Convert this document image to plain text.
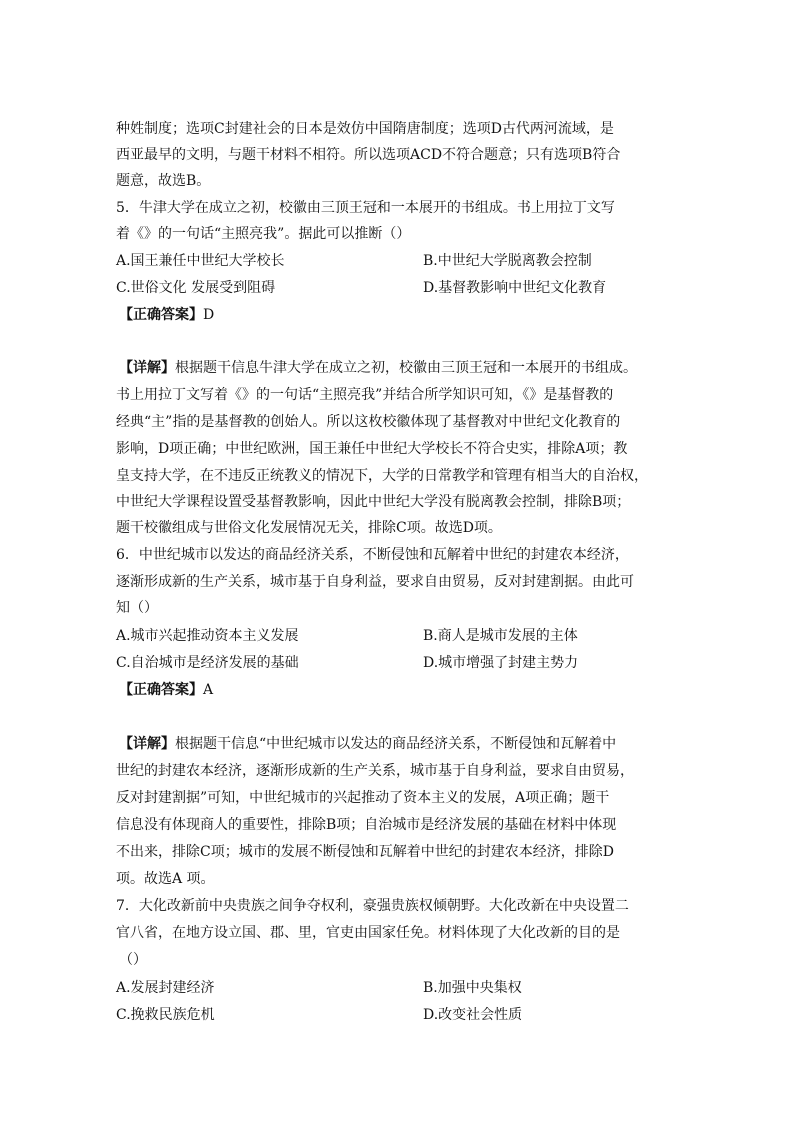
种姓制度；选项C封建社会的日本是效仿中国隋唐制度；选项D古代两河流域，是
西亚最早的文明，与题干材料不相符。所以选项ACD不符合题意；只有选项B符合
题意，故选B。
5．牛津大学在成立之初，校徽由三顶王冠和一本展开的书组成。书上用拉丁文写
着《》的一句话“主照亮我”。据此可以推断（）
A.国王兼任中世纪大学校长	B.中世纪大学脱离教会控制
C.世俗文化 发展受到阻碍	D.基督教影响中世纪文化教育
【正确答案】D
【详解】根据题干信息牛津大学在成立之初，校徽由三顶王冠和一本展开的书组成。
书上用拉丁文写着《》的一句话“主照亮我”并结合所学知识可知，《》是基督教的
经典“主”指的是基督教的创始人。所以这枚校徽体现了基督教对中世纪文化教育的
影响，D项正确；中世纪欧洲，国王兼任中世纪大学校长不符合史实，排除A项；教
皇支持大学，在不违反正统教义的情况下，大学的日常教学和管理有相当大的自治权，
中世纪大学课程设置受基督教影响，因此中世纪大学没有脱离教会控制，排除B项；
题干校徽组成与世俗文化发展情况无关，排除C项。故选D项。
6．中世纪城市以发达的商品经济关系，不断侵蚀和瓦解着中世纪的封建农本经济，
逐渐形成新的生产关系，城市基于自身利益，要求自由贸易，反对封建割据。由此可
知（）
A.城市兴起推动资本主义发展	B.商人是城市发展的主体
C.自治城市是经济发展的基础	D.城市增强了封建主势力
【正确答案】A
【详解】根据题干信息“中世纪城市以发达的商品经济关系，不断侵蚀和瓦解着中
世纪的封建农本经济，逐渐形成新的生产关系，城市基于自身利益，要求自由贸易，
反对封建割据”可知，中世纪城市的兴起推动了资本主义的发展，A项正确；题干
信息没有体现商人的重要性，排除B项；自治城市是经济发展的基础在材料中体现
不出来，排除C项；城市的发展不断侵蚀和瓦解着中世纪的封建农本经济，排除D
项。故选A 项。
7．大化改新前中央贵族之间争夺权利，豪强贵族权倾朝野。大化改新在中央设置二
官八省，在地方设立国、郡、里，官吏由国家任免。材料体现了大化改新的目的是
（）
A.发展封建经济	B.加强中央集权
C.挽救民族危机	D.改变社会性质
